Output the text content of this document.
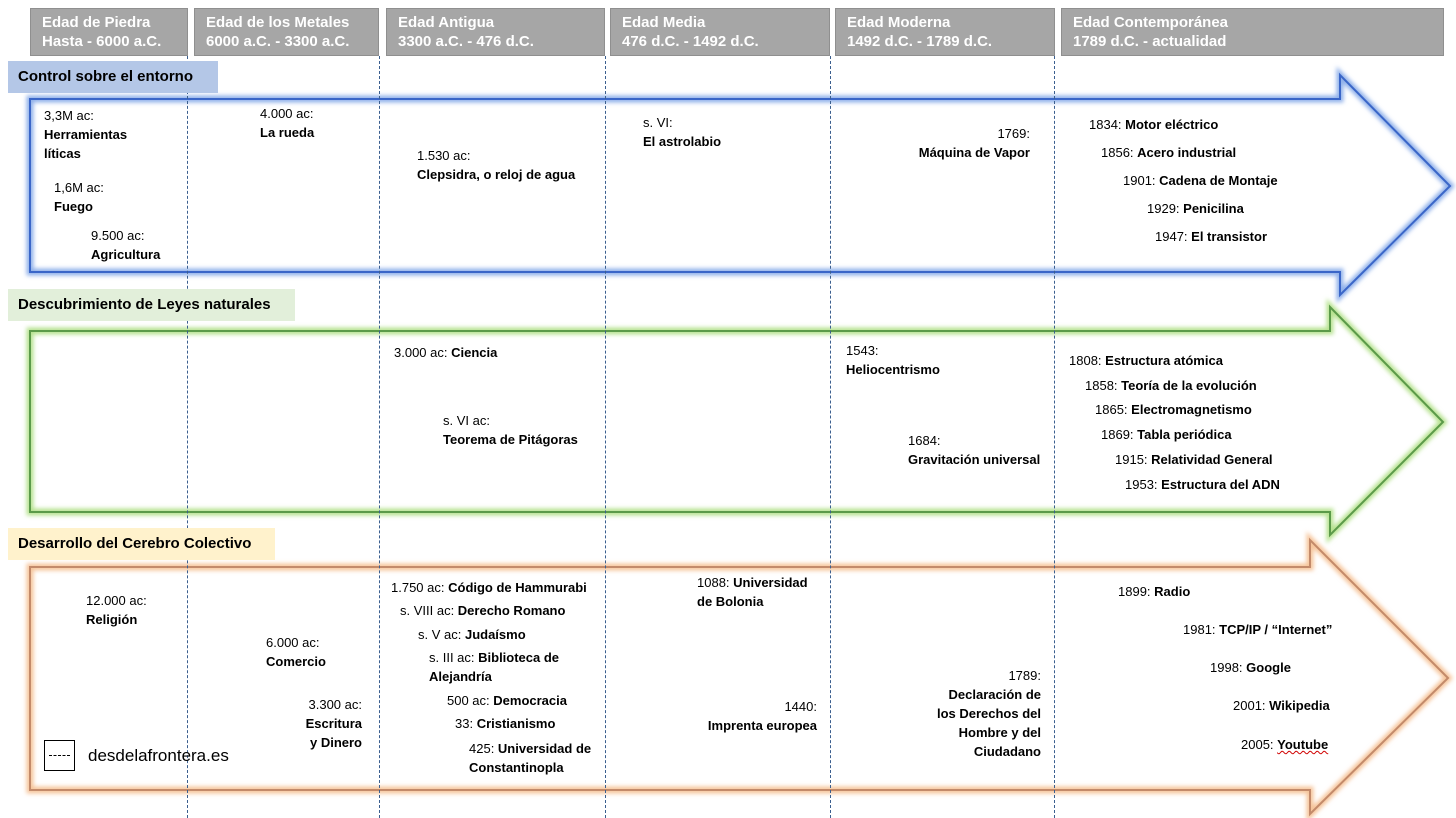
Edad de Piedra
Hasta - 6000 a.C.
Edad de los Metales
6000 a.C. - 3300 a.C.
Edad Antigua
3300 a.C. - 476 d.C.
Edad Media
476 d.C. - 1492 d.C.
Edad Moderna
1492 d.C. - 1789 d.C.
Edad Contemporánea
1789 d.C. - actualidad
Control sobre el entorno
Descubrimiento de Leyes naturales
Desarrollo del Cerebro Colectivo
3,3M ac:
Herramientas líticas
1,6M ac:
Fuego
9.500 ac:
Agricultura
4.000 ac:
La rueda
1.530 ac:
Clepsidra, o reloj de agua
s. VI:
El astrolabio
1769:
Máquina de Vapor
1834: Motor eléctrico
1856: Acero industrial
1901: Cadena de Montaje
1929: Penicilina
1947: El transistor
3.000 ac: Ciencia
s. VI ac:
Teorema de Pitágoras
1543:
Heliocentrismo
1684:
Gravitación universal
1808: Estructura atómica
1858: Teoría de la evolución
1865: Electromagnetismo
1869: Tabla periódica
1915: Relatividad General
1953: Estructura del ADN
12.000 ac:
Religión
6.000 ac:
Comercio
3.300 ac:
Escritura y Dinero
1.750 ac: Código de Hammurabi
s. VIII ac: Derecho Romano
s. V ac: Judaísmo
s. III ac: Biblioteca de Alejandría
500 ac: Democracia
33: Cristianismo
425: Universidad de Constantinopla
1088: Universidad de Bolonia
1440:
Imprenta europea
1789:
Declaración de los Derechos del Hombre y del Ciudadano
1899: Radio
1981: TCP/IP / “Internet”
1998: Google
2001: Wikipedia
2005: Youtube
desdelafrontera.es
